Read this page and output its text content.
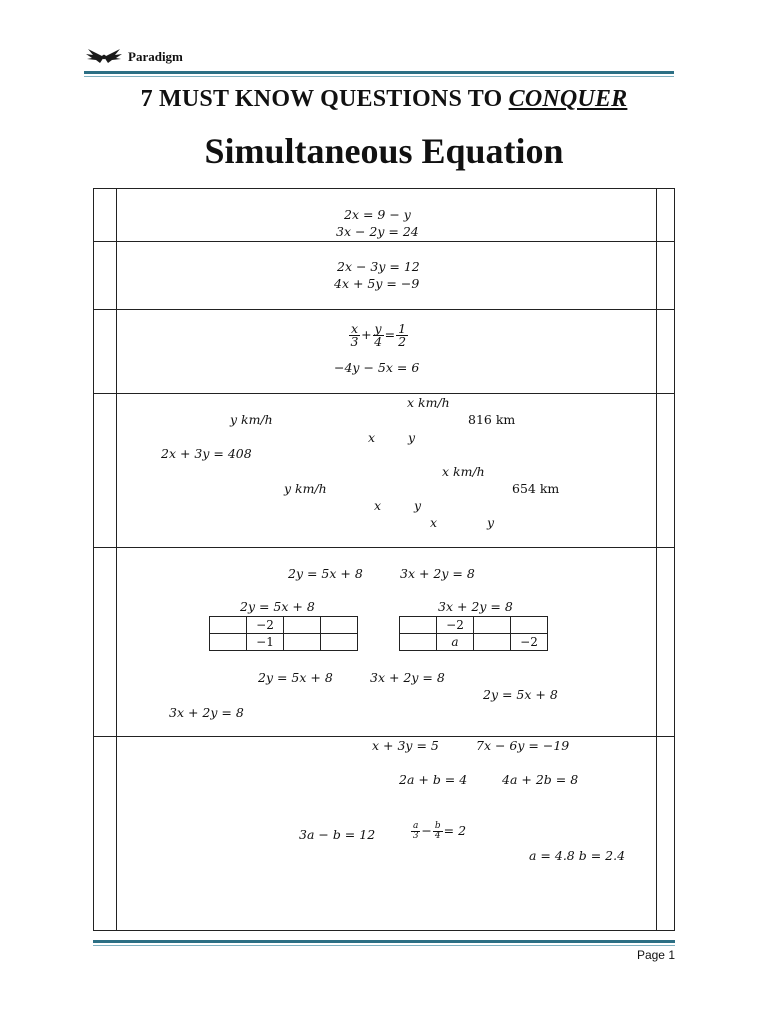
Paradigm
7 MUST KNOW QUESTIONS TO CONQUER
Simultaneous Equation
2x = 9 − y
3x − 2y = 24
2x − 3y = 12
4x + 5y = −9
$\frac{x}{3} + \frac{y}{4} = \frac{1}{2}$
−4y − 5x = 6
x km/h
y km/h	816 km
x	y
2x + 3y = 408
x km/h
y km/h	654 km
x	y
x	y
2y = 5x + 8	3x + 2y = 8
2y = 5x + 8
	−2		
	−1		
3x + 2y = 8
	−2		
	a		−2
2y = 5x + 8	3x + 2y = 8
2y = 5x + 8
3x + 2y = 8
x + 3y = 5	7x − 6y = −19
2a + b = 4	4a + 2b = 8
3a − b = 12	$\frac{a}{3} - \frac{b}{4} = 2$
a = 4.8 b = 2.4
Page 1
